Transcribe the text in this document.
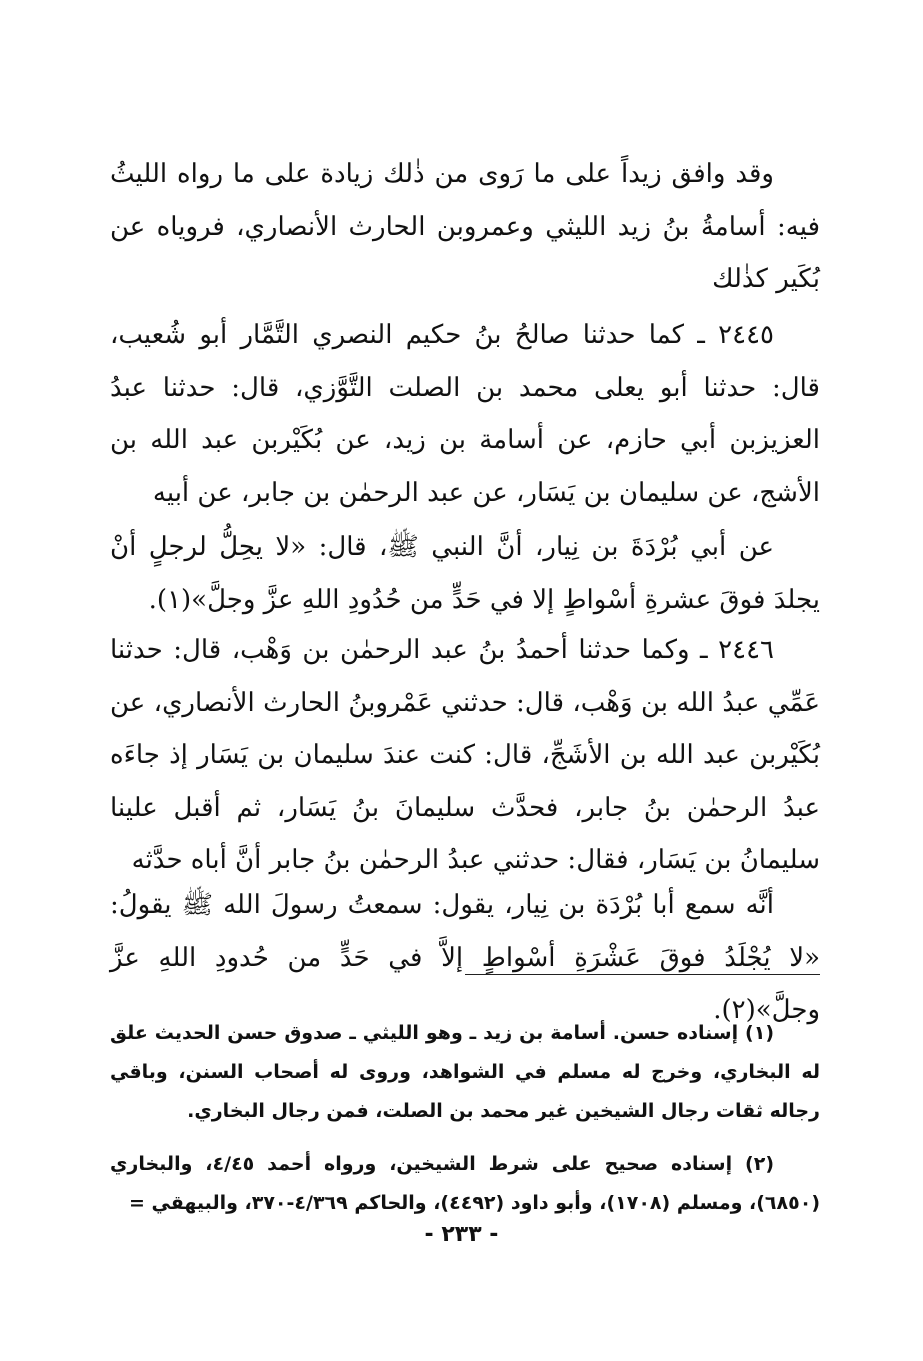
وقد وافق زيداً على ما رَوى من ذٰلك زيادة على ما رواه الليثُ فيه: أسامةُ بنُ زيد الليثي وعمروبن الحارث الأنصاري، فروياه عن بُكَير كذٰلك

٢٤٤٥ ـ كما حدثنا صالحُ بنُ حكيم النصري التَّمَّار أبو شُعيب، قال: حدثنا أبو يعلى محمد بن الصلت التَّوَّزي، قال: حدثنا عبدُ العزيزبن أبي حازم، عن أسامة بن زيد، عن بُكَيْربن عبد الله بن الأشج، عن سليمان بن يَسَار، عن عبد الرحمٰن بن جابر، عن أبيه

عن أبي بُرْدَةَ بن نِيار، أنَّ النبي ﷺ، قال: «لا يحِلُّ لرجلٍ أنْ يجلدَ فوقَ عشرةِ أسْواطٍ إلا في حَدٍّ من حُدُودِ اللهِ عزَّ وجلَّ»(١).

٢٤٤٦ ـ وكما حدثنا أحمدُ بنُ عبد الرحمٰن بن وَهْب، قال: حدثنا عَمِّي عبدُ الله بن وَهْب، قال: حدثني عَمْروبنُ الحارث الأنصاري، عن بُكَيْربن عبد الله بن الأشَجِّ، قال: كنت عندَ سليمان بن يَسَار إذ جاءَه عبدُ الرحمٰن بنُ جابر، فحدَّث سليمانَ بنُ يَسَار، ثم أقبل علينا سليمانُ بن يَسَار، فقال: حدثني عبدُ الرحمٰن بنُ جابر أنَّ أباه حدَّثه

أنَّه سمع أبا بُرْدَة بن نِيار، يقول: سمعتُ رسولَ الله ﷺ يقولُ: «لا يُجْلَدُ فوقَ عَشْرَةِ أسْواطٍ إلاَّ في حَدٍّ من حُدودِ اللهِ عزَّ وجلَّ»(٢).

(١) إسناده حسن. أسامة بن زيد ـ وهو الليثي ـ صدوق حسن الحديث علق له البخاري، وخرج له مسلم في الشواهد، وروى له أصحاب السنن، وباقي رجاله ثقات رجال الشيخين غير محمد بن الصلت، فمن رجال البخاري.

(٢) إسناده صحيح على شرط الشيخين، ورواه أحمد ٤/٤٥، والبخاري (٦٨٥٠)، ومسلم (١٧٠٨)، وأبو داود (٤٤٩٢)، والحاكم ٤/٣٦٩-٣٧٠، والبيهقي =

- ٢٣٣ -
